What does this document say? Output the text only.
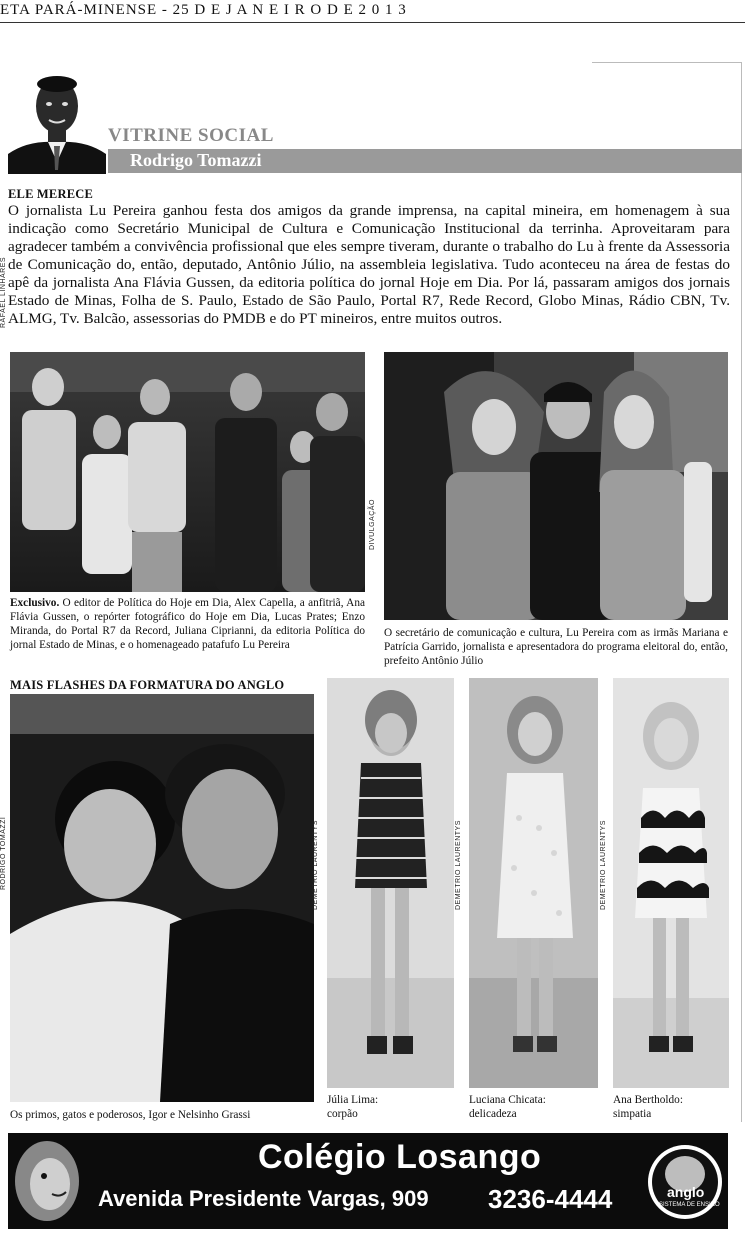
ETA PARÁ-MINENSE - 25 D E J A N E I R O D E 2 0 1 3
RAFAEL LINHARES
VITRINE SOCIAL
Rodrigo Tomazzi
ELE MERECE
O jornalista Lu Pereira ganhou festa dos amigos da grande imprensa, na capital mineira, em homenagem à sua indicação como Secretário Municipal de Cultura e Comunicação Institucional da terrinha. Aproveitaram para agradecer também a convivência profissional que eles sempre tiveram, durante o trabalho do Lu à frente da Assessoria de Comunicação do, então, deputado, Antônio Júlio, na assembleia legislativa. Tudo aconteceu na área de festas do apê da jornalista Ana Flávia Gussen, da editoria política do jornal Hoje em Dia. Por lá, passaram amigos dos jornais Estado de Minas, Folha de S. Paulo, Estado de São Paulo, Portal R7, Rede Record, Globo Minas, Rádio CBN, Tv. ALMG, Tv. Balcão, assessorias do PMDB e do PT mineiros, entre muitos outros.
Exclusivo. O editor de Política do Hoje em Dia, Alex Capella, a anfitriã, Ana Flávia Gussen, o repórter fotográfico do Hoje em Dia, Lucas Prates; Enzo Miranda, do Portal R7 da Record, Juliana Ciprianni, da editoria Política do jornal Estado de Minas, e o homenageado patafufo Lu Pereira
DIVULGAÇÃO
O secretário de comunicação e cultura, Lu Pereira com as irmãs Mariana e Patrícia Garrido, jornalista e apresentadora do programa eleitoral do, então, prefeito Antônio Júlio
MAIS FLASHES DA FORMATURA DO ANGLO
RODRIGO TOMAZZI
Os primos, gatos e poderosos, Igor e Nelsinho Grassi
DEMETRIO LAURENTYS
Júlia Lima:
corpão
DEMETRIO LAURENTYS
Luciana Chicata:
delicadeza
DEMETRIO LAURENTYS
Ana Bertholdo:
simpatia
Colégio Losango
Avenida Presidente Vargas, 909 3236-4444	anglo
SISTEMA DE ENSINO
